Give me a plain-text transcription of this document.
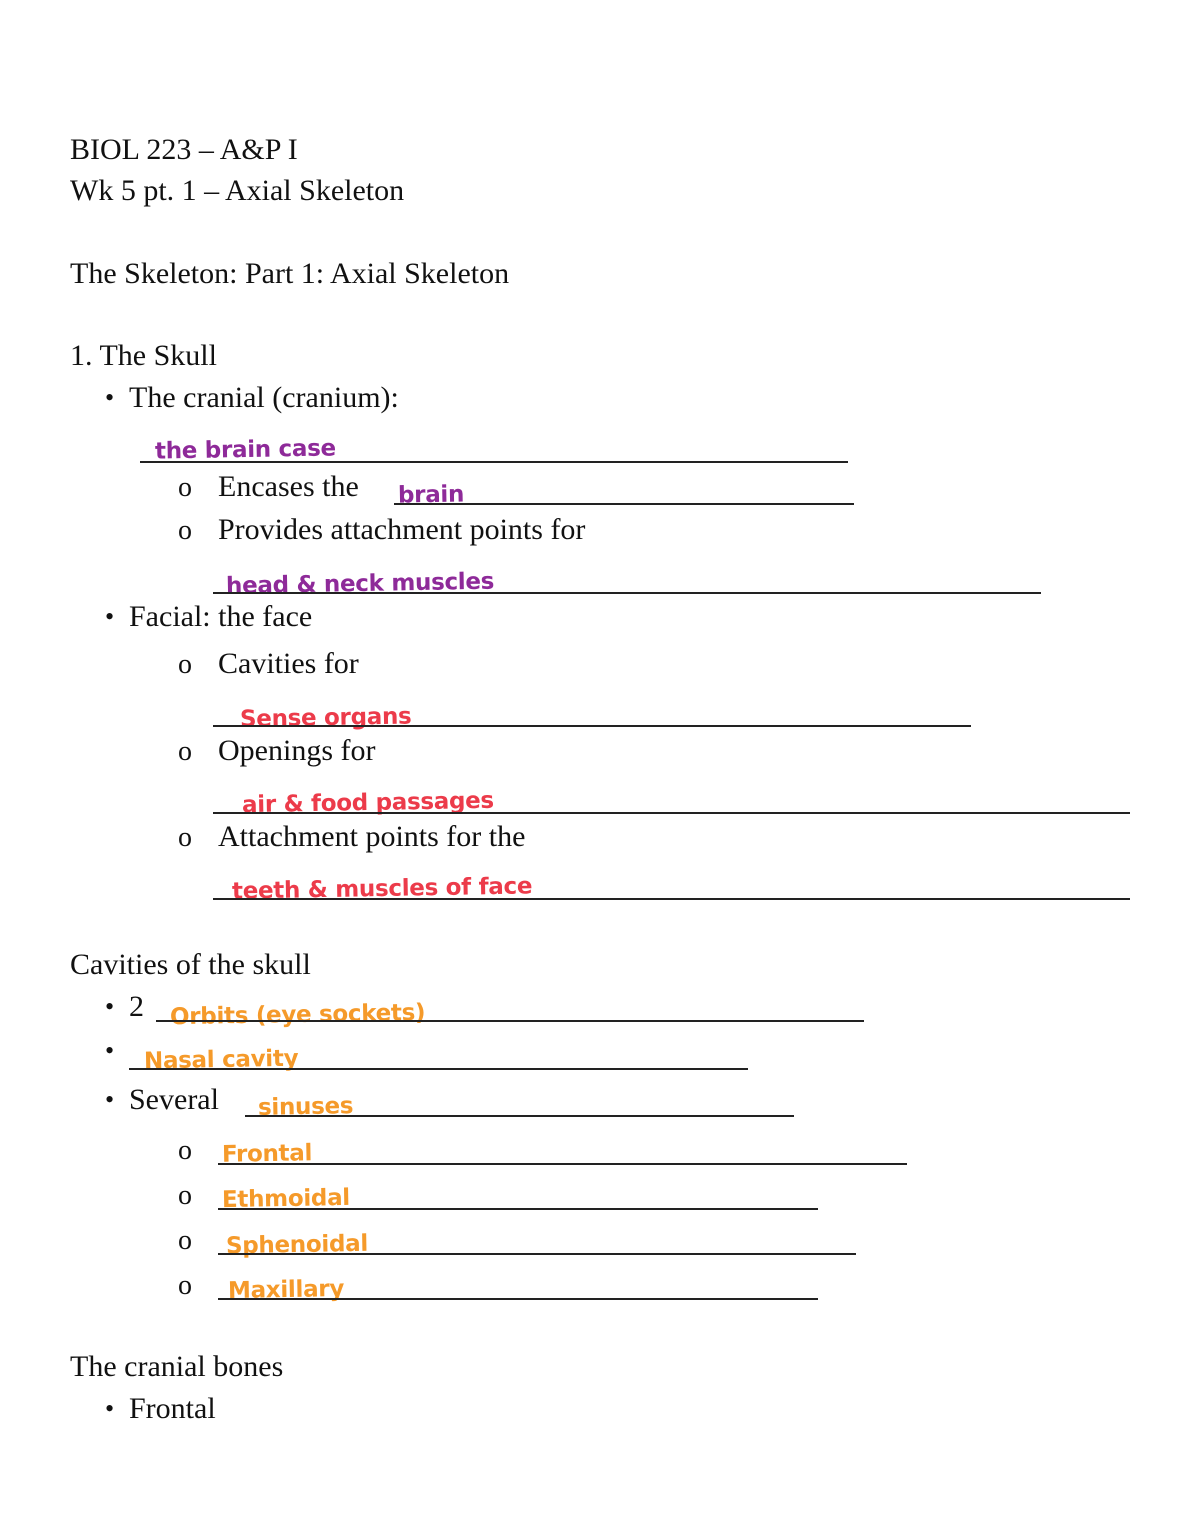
BIOL 223 – A&P I
Wk 5 pt. 1 – Axial Skeleton
The Skeleton: Part 1: Axial Skeleton
1. The Skull
• The cranial (cranium):
the brain case
o Encases the brain
o Provides attachment points for
head & neck muscles
• Facial: the face
o Cavities for
Sense organs
o Openings for
air & food passages
o Attachment points for the
teeth & muscles of face
Cavities of the skull
• 2 Orbits (eye sockets)
• Nasal cavity
• Several sinuses
o Frontal
o Ethmoidal
o Sphenoidal
o Maxillary
The cranial bones
• Frontal
